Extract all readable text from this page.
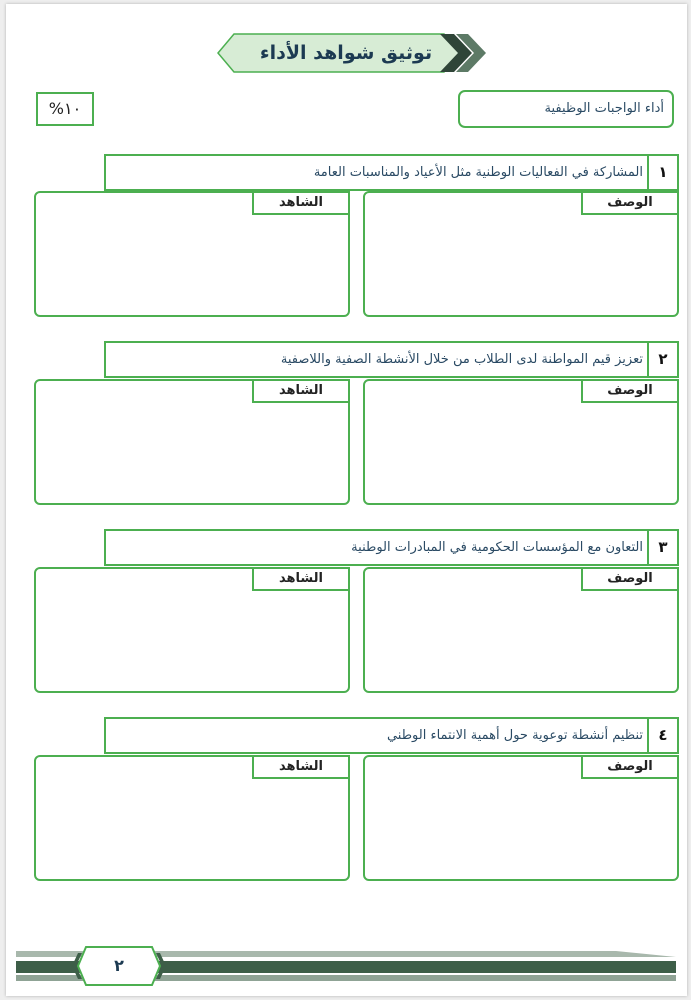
توثيق شواهد الأداء
١٠%	أداء الواجبات الوظيفية
١
المشاركة في الفعاليات الوطنية مثل الأعياد والمناسبات العامة
الشاهد	الوصف
٢
تعزيز قيم المواطنة لدى الطلاب من خلال الأنشطة الصفية واللاصفية
الشاهد	الوصف
٣
التعاون مع المؤسسات الحكومية في المبادرات الوطنية
الشاهد	الوصف
٤
تنظيم أنشطة توعوية حول أهمية الانتماء الوطني
الشاهد	الوصف
٢
